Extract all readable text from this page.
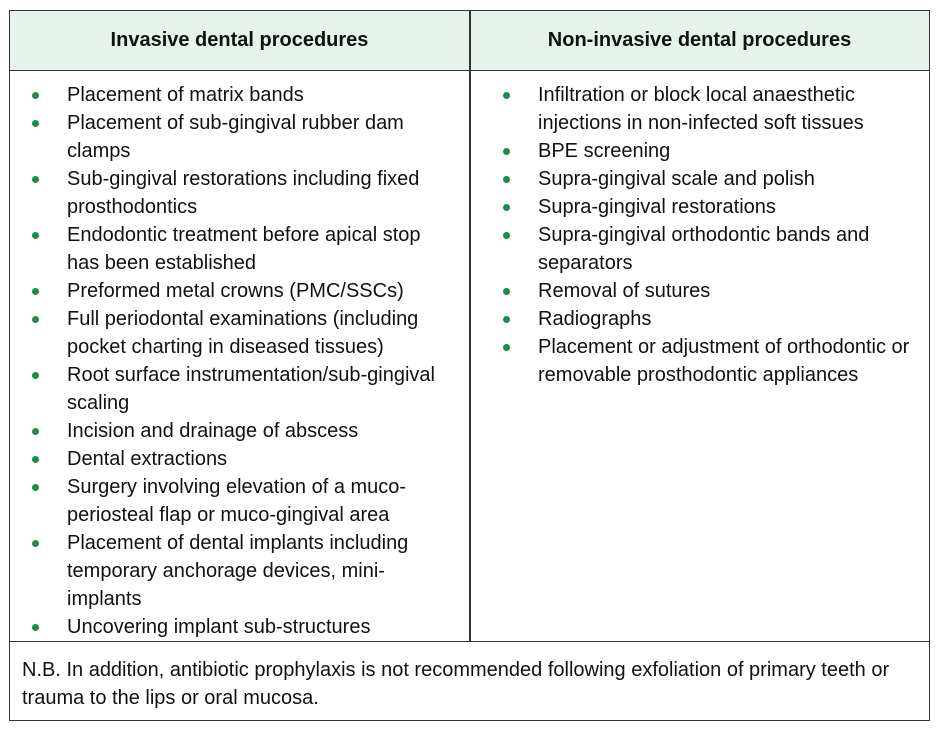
Invasive dental procedures	Non-invasive dental procedures
Placement of matrix bands
Placement of sub-gingival rubber dam clamps
Sub-gingival restorations including fixed prosthodontics
Endodontic treatment before apical stop has been established
Preformed metal crowns (PMC/SSCs)
Full periodontal examinations (including pocket charting in diseased tissues)
Root surface instrumentation/sub-gingival scaling
Incision and drainage of abscess
Dental extractions
Surgery involving elevation of a muco-periosteal flap or muco-gingival area
Placement of dental implants including temporary anchorage devices, mini-implants
Uncovering implant sub-structures
Infiltration or block local anaesthetic injections in non-infected soft tissues
BPE screening
Supra-gingival scale and polish
Supra-gingival restorations
Supra-gingival orthodontic bands and separators
Removal of sutures
Radiographs
Placement or adjustment of orthodontic or removable prosthodontic appliances
N.B. In addition, antibiotic prophylaxis is not recommended following exfoliation of primary teeth or trauma to the lips or oral mucosa.
